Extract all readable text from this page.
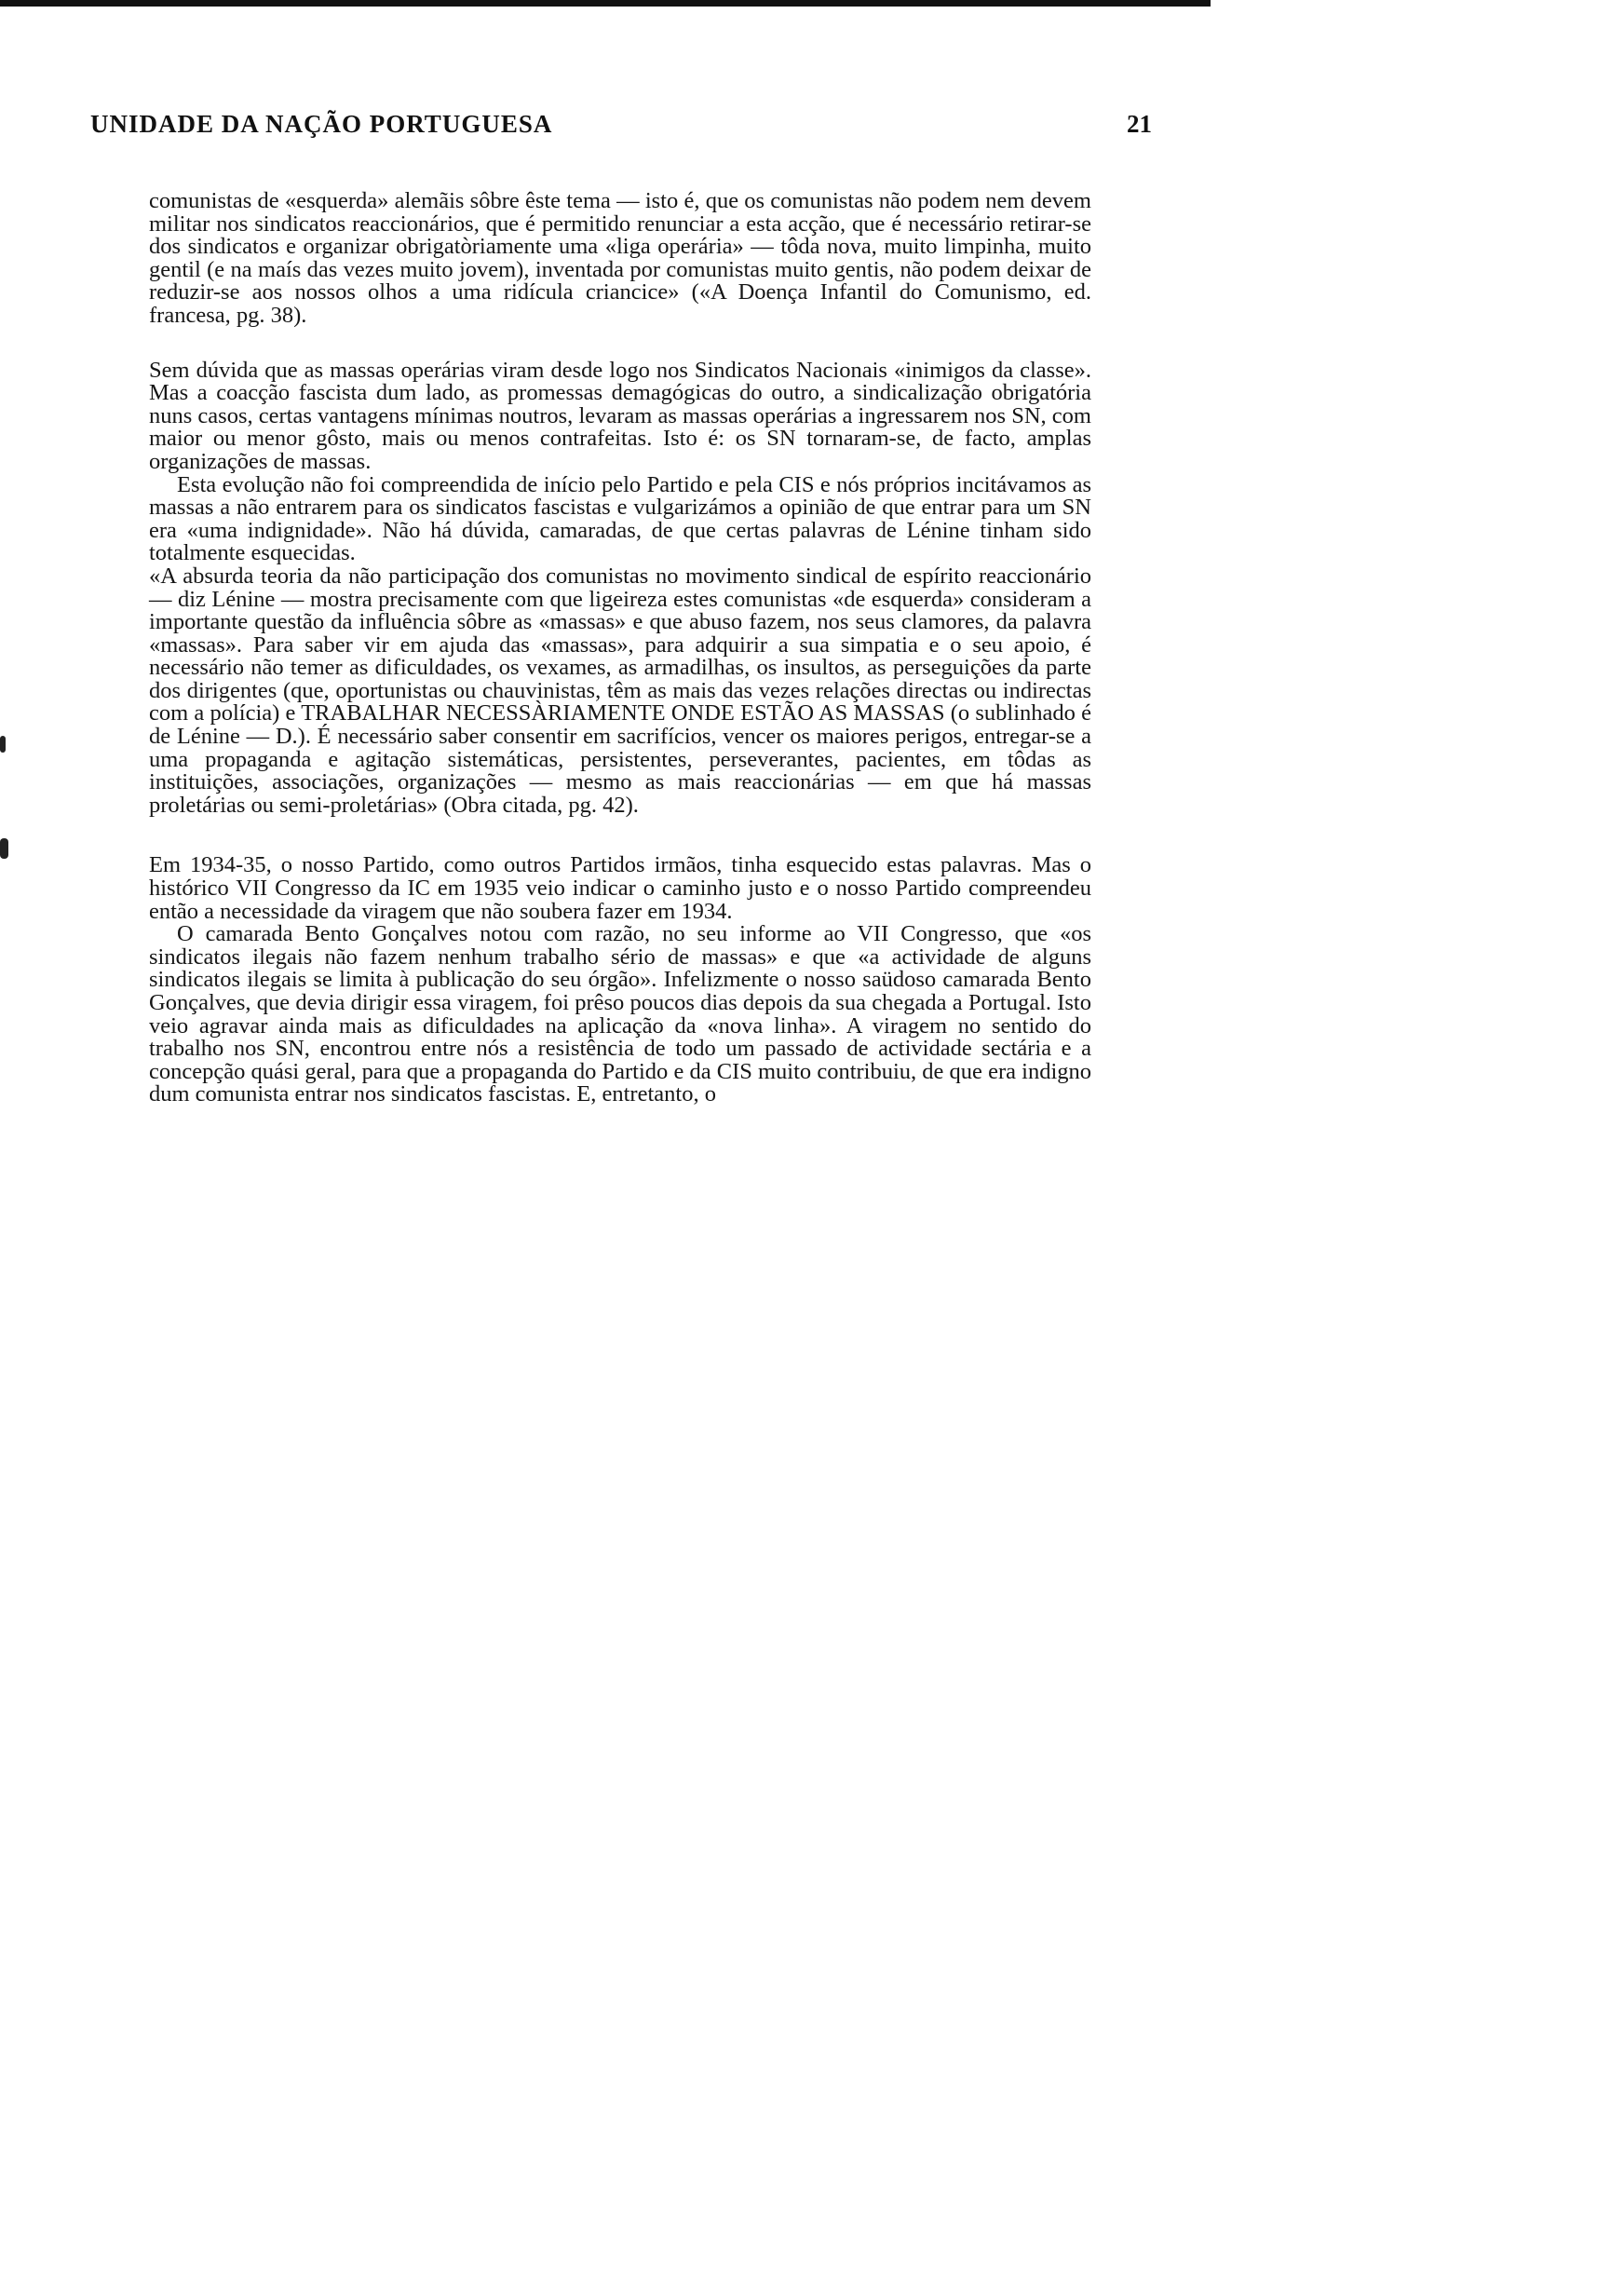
UNIDADE DA NAÇÃO PORTUGUESA	21

comunistas de «esquerda» alemãis sôbre êste tema — isto é, que os comunistas não podem nem devem militar nos sindicatos reaccionários, que é permitido renunciar a esta acção, que é necessário retirar-se dos sindicatos e organizar obrigatòriamente uma «liga operária» — tôda nova, muito limpinha, muito gentil (e na maís das vezes muito jovem), inventada por comunistas muito gentis, não podem deixar de reduzir-se aos nossos olhos a uma ridícula criancice» («A Doença Infantil do Comunismo, ed. francesa, pg. 38).

Sem dúvida que as massas operárias viram desde logo nos Sindicatos Nacionais «inimigos da classe». Mas a coacção fascista dum lado, as promessas demagógicas do outro, a sindicalização obrigatória nuns casos, certas vantagens mínimas noutros, levaram as massas operárias a ingressarem nos SN, com maior ou menor gôsto, mais ou menos contrafeitas. Isto é: os SN tornaram-se, de facto, amplas organizações de massas.

Esta evolução não foi compreendida de início pelo Partido e pela CIS e nós próprios incitávamos as massas a não entrarem para os sindicatos fascistas e vulgarizámos a opinião de que entrar para um SN era «uma indignidade». Não há dúvida, camaradas, de que certas palavras de Lénine tinham sido totalmente esquecidas.

«A absurda teoria da não participação dos comunistas no movimento sindical de espírito reaccionário — diz Lénine — mostra precisamente com que ligeireza estes comunistas «de esquerda» consideram a importante questão da influência sôbre as «massas» e que abuso fazem, nos seus clamores, da palavra «massas». Para saber vir em ajuda das «massas», para adquirir a sua simpatia e o seu apoio, é necessário não temer as dificuldades, os vexames, as armadilhas, os insultos, as perseguições da parte dos dirigentes (que, oportunistas ou chauvinistas, têm as mais das vezes relações directas ou indirectas com a polícia) e TRABALHAR NECESSÀRIAMENTE ONDE ESTÃO AS MASSAS (o sublinhado é de Lénine — D.). É necessário saber consentir em sacrifícios, vencer os maiores perigos, entregar-se a uma propaganda e agitação sistemáticas, persistentes, perseverantes, pacientes, em tôdas as instituições, associações, organizações — mesmo as mais reaccionárias — em que há massas proletárias ou semi-proletárias» (Obra citada, pg. 42).

Em 1934-35, o nosso Partido, como outros Partidos irmãos, tinha esquecido estas palavras. Mas o histórico VII Congresso da IC em 1935 veio indicar o caminho justo e o nosso Partido compreendeu então a necessidade da viragem que não soubera fazer em 1934.

O camarada Bento Gonçalves notou com razão, no seu informe ao VII Congresso, que «os sindicatos ilegais não fazem nenhum trabalho sério de massas» e que «a actividade de alguns sindicatos ilegais se limita à publicação do seu órgão». Infelizmente o nosso saüdoso camarada Bento Gonçalves, que devia dirigir essa viragem, foi prêso poucos dias depois da sua chegada a Portugal. Isto veio agravar ainda mais as dificuldades na aplicação da «nova linha». A viragem no sentido do trabalho nos SN, encontrou entre nós a resistência de todo um passado de actividade sectária e a concepção quási geral, para que a propaganda do Partido e da CIS muito contribuiu, de que era indigno dum comunista entrar nos sindicatos fascistas. E, entretanto, o
